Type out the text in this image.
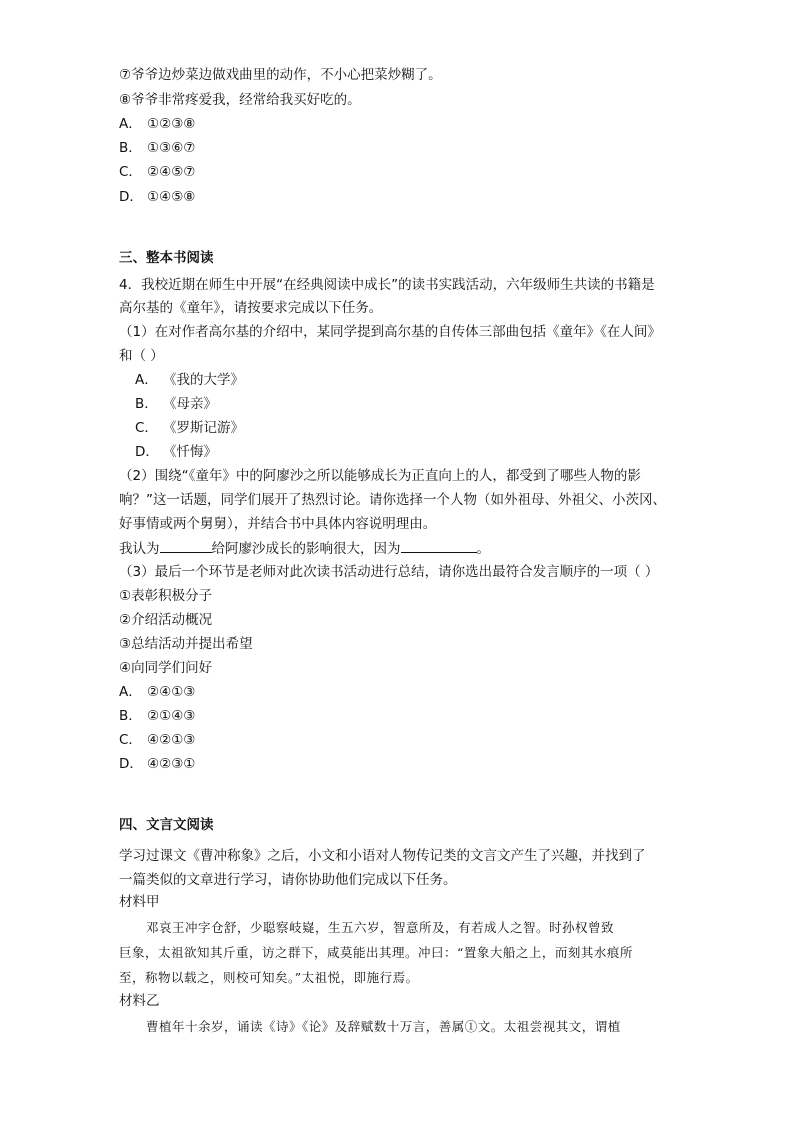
⑦爷爷边炒菜边做戏曲里的动作，不小心把菜炒糊了。
⑧爷爷非常疼爱我，经常给我买好吃的。
A． ①②③⑧
B． ①③⑥⑦
C． ②④⑤⑦
D． ①④⑤⑧
三、整本书阅读
4．我校近期在师生中开展“在经典阅读中成长”的读书实践活动，六年级师生共读的书籍是
高尔基的《童年》，请按要求完成以下任务。
（1）在对作者高尔基的介绍中，某同学提到高尔基的自传体三部曲包括《童年》《在人间》
和（ ）
A． 《我的大学》
B． 《母亲》
C． 《罗斯记游》
D． 《忏悔》
（2）围绕“《童年》中的阿廖沙之所以能够成长为正直向上的人，都受到了哪些人物的影
响？”这一话题，同学们展开了热烈讨论。请你选择一个人物（如外祖母、外祖父、小茨冈、
好事情或两个舅舅），并结合书中具体内容说明理由。
我认为	给阿廖沙成长的影响很大，因为	。
（3）最后一个环节是老师对此次读书活动进行总结，请你选出最符合发言顺序的一项（ ）
①表彰积极分子
②介绍活动概况
③总结活动并提出希望
④向同学们问好
A． ②④①③
B． ②①④③
C． ④②①③
D． ④②③①
四、文言文阅读
学习过课文《曹冲称象》之后，小文和小语对人物传记类的文言文产生了兴趣，并找到了
一篇类似的文章进行学习，请你协助他们完成以下任务。
材料甲
邓哀王冲字仓舒，少聪察岐嶷，生五六岁，智意所及，有若成人之智。时孙权曾致
巨象，太祖欲知其斤重，访之群下，咸莫能出其理。冲曰：“置象大船之上，而刻其水痕所
至，称物以载之，则校可知矣。”太祖悦，即施行焉。
材料乙
曹植年十余岁，诵读《诗》《论》及辞赋数十万言，善属①文。太祖尝视其文，谓植
